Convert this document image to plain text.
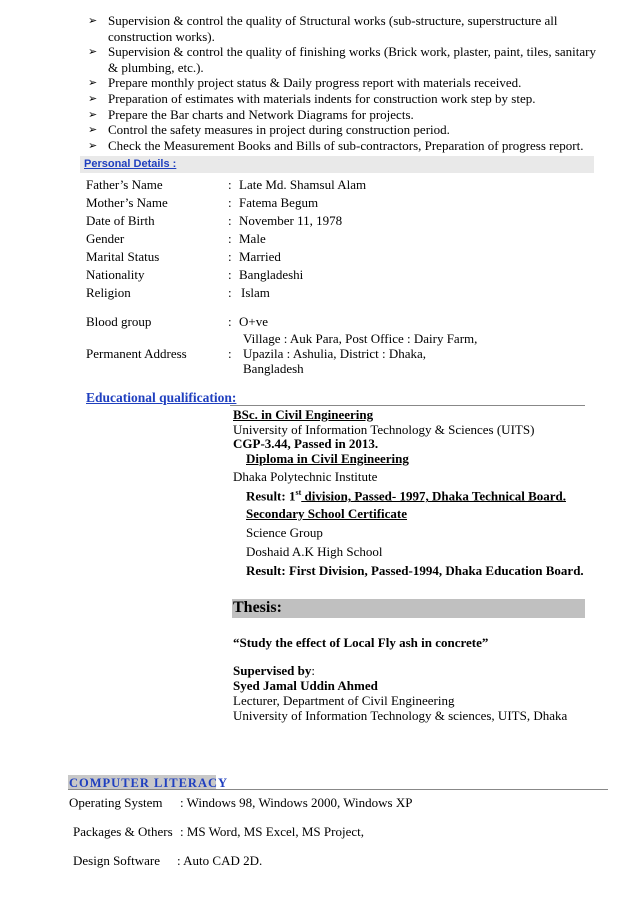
➢ Supervision & control the quality of Structural works (sub-structure, superstructure all construction works).
➢ Supervision & control the quality of finishing works (Brick work, plaster, paint, tiles, sanitary & plumbing, etc.).
➢ Prepare monthly project status & Daily progress report with materials received.
➢ Preparation of estimates with materials indents for construction work step by step.
➢ Prepare the Bar charts and Network Diagrams for projects.
➢ Control the safety measures in project during construction period.
➢ Check the Measurement Books and Bills of sub-contractors, Preparation of progress report.
Personal Details :
Father’s Name	: Late Md. Shamsul Alam
Mother’s Name	: Fatema Begum
Date of Birth	: November 11, 1978
Gender	: Male
Marital Status	: Married
Nationality	: Bangladeshi
Religion	: Islam
Blood group	: O+ve
Village : Auk Para, Post Office : Dairy Farm,
Permanent Address	: Upazila : Ashulia, District : Dhaka,
Bangladesh
Educational qualification:
BSc. in Civil Engineering
University of Information Technology & Sciences (UITS)
CGP-3.44, Passed in 2013.
Diploma in Civil Engineering
Dhaka Polytechnic Institute
Result: 1st division, Passed- 1997, Dhaka Technical Board.
Secondary School Certificate
Science Group
Doshaid A.K High School
Result: First Division, Passed-1994, Dhaka Education Board.
Thesis:
“Study the effect of Local Fly ash in concrete”
Supervised by:
Syed Jamal Uddin Ahmed
Lecturer, Department of Civil Engineering
University of Information Technology & sciences, UITS, Dhaka
COMPUTER LITERACY
Operating System : Windows 98, Windows 2000, Windows XP
Packages & Others : MS Word, MS Excel, MS Project,
Design Software : Auto CAD 2D.
